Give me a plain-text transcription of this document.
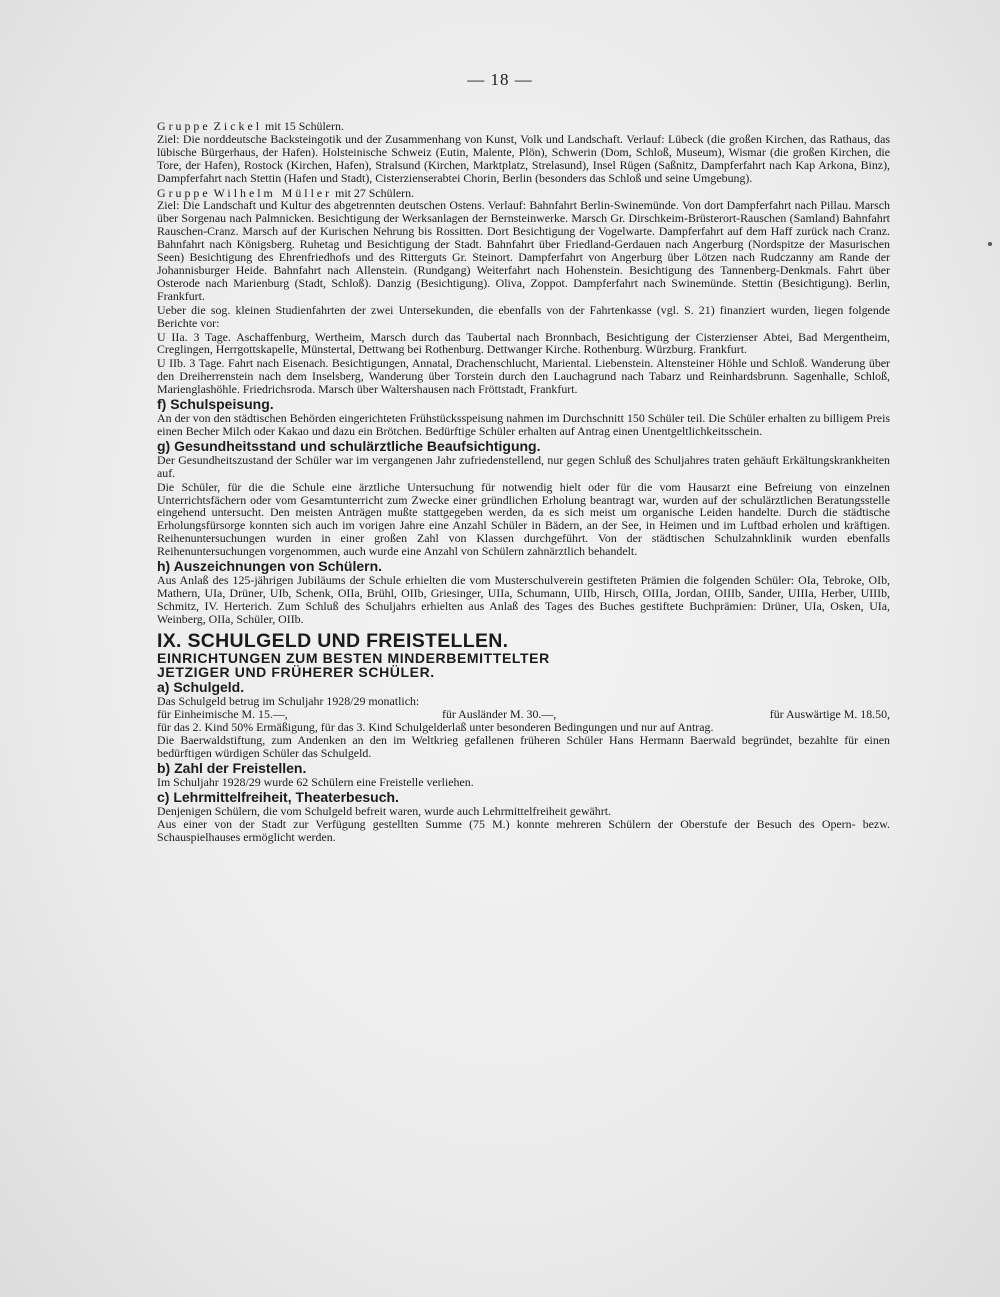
— 18 —

Gruppe Zickel mit 15 Schülern.

Ziel: Die norddeutsche Backsteingotik und der Zusammenhang von Kunst, Volk und Landschaft. Verlauf: Lübeck (die großen Kirchen, das Rathaus, das lübische Bürgerhaus, der Hafen). Holsteinische Schweiz (Eutin, Malente, Plön), Schwerin (Dom, Schloß, Museum), Wismar (die großen Kirchen, die Tore, der Hafen), Rostock (Kirchen, Hafen), Stralsund (Kirchen, Marktplatz, Strelasund), Insel Rügen (Saßnitz, Dampferfahrt nach Kap Arkona, Binz), Dampferfahrt nach Stettin (Hafen und Stadt), Cisterzienserabtei Chorin, Berlin (besonders das Schloß und seine Umgebung).

Gruppe Wilhelm Müller mit 27 Schülern.

Ziel: Die Landschaft und Kultur des abgetrennten deutschen Ostens. Verlauf: Bahnfahrt Berlin-Swinemünde. Von dort Dampferfahrt nach Pillau. Marsch über Sorgenau nach Palmnicken. Besichtigung der Werksanlagen der Bernsteinwerke. Marsch Gr. Dirschkeim-Brüsterort-Rauschen (Samland) Bahnfahrt Rauschen-Cranz. Marsch auf der Kurischen Nehrung bis Rossitten. Dort Besichtigung der Vogelwarte. Dampferfahrt auf dem Haff zurück nach Cranz. Bahnfahrt nach Königsberg. Ruhetag und Besichtigung der Stadt. Bahnfahrt über Friedland-Gerdauen nach Angerburg (Nordspitze der Masurischen Seen) Besichtigung des Ehrenfriedhofs und des Ritterguts Gr. Steinort. Dampferfahrt von Angerburg über Lötzen nach Rudczanny am Rande der Johannisburger Heide. Bahnfahrt nach Allenstein. (Rundgang) Weiterfahrt nach Hohenstein. Besichtigung des Tannenberg-Denkmals. Fahrt über Osterode nach Marienburg (Stadt, Schloß). Danzig (Besichtigung). Oliva, Zoppot. Dampferfahrt nach Swinemünde. Stettin (Besichtigung). Berlin, Frankfurt.

Ueber die sog. kleinen Studienfahrten der zwei Untersekunden, die ebenfalls von der Fahrtenkasse (vgl. S. 21) finanziert wurden, liegen folgende Berichte vor:

U IIa. 3 Tage. Aschaffenburg, Wertheim, Marsch durch das Taubertal nach Bronnbach, Besichtigung der Cisterzienser Abtei, Bad Mergentheim, Creglingen, Herrgottskapelle, Münstertal, Dettwang bei Rothenburg. Dettwanger Kirche. Rothenburg. Würzburg. Frankfurt.

U IIb. 3 Tage. Fahrt nach Eisenach. Besichtigungen, Annatal, Drachenschlucht, Mariental. Liebenstein. Altensteiner Höhle und Schloß. Wanderung über den Dreiherrenstein nach dem Inselsberg, Wanderung über Torstein durch den Lauchagrund nach Tabarz und Reinhardsbrunn. Sagenhalle, Schloß, Marienglashöhle. Friedrichsroda. Marsch über Waltershausen nach Fröttstadt, Frankfurt.

f) Schulspeisung.

An der von den städtischen Behörden eingerichteten Frühstücksspeisung nahmen im Durchschnitt 150 Schüler teil. Die Schüler erhalten zu billigem Preis einen Becher Milch oder Kakao und dazu ein Brötchen. Bedürftige Schüler erhalten auf Antrag einen Unentgeltlichkeitsschein.

g) Gesundheitsstand und schulärztliche Beaufsichtigung.

Der Gesundheitszustand der Schüler war im vergangenen Jahr zufriedenstellend, nur gegen Schluß des Schuljahres traten gehäuft Erkältungskrankheiten auf.

Die Schüler, für die die Schule eine ärztliche Untersuchung für notwendig hielt oder für die vom Hausarzt eine Befreiung von einzelnen Unterrichtsfächern oder vom Gesamtunterricht zum Zwecke einer gründlichen Erholung beantragt war, wurden auf der schulärztlichen Beratungsstelle eingehend untersucht. Den meisten Anträgen mußte stattgegeben werden, da es sich meist um organische Leiden handelte. Durch die städtische Erholungsfürsorge konnten sich auch im vorigen Jahre eine Anzahl Schüler in Bädern, an der See, in Heimen und im Luftbad erholen und kräftigen. Reihenuntersuchungen wurden in einer großen Zahl von Klassen durchgeführt. Von der städtischen Schulzahnklinik wurden ebenfalls Reihenuntersuchungen vorgenommen, auch wurde eine Anzahl von Schülern zahnärztlich behandelt.

h) Auszeichnungen von Schülern.

Aus Anlaß des 125-jährigen Jubiläums der Schule erhielten die vom Musterschulverein gestifteten Prämien die folgenden Schüler: OIa, Tebroke, OIb, Mathern, UIa, Drüner, UIb, Schenk, OIIa, Brühl, OIIb, Griesinger, UIIa, Schumann, UIIb, Hirsch, OIIIa, Jordan, OIIIb, Sander, UIIIa, Herber, UIIIb, Schmitz, IV. Herterich. Zum Schluß des Schuljahrs erhielten aus Anlaß des Tages des Buches gestiftete Buchprämien: Drüner, UIa, Osken, UIa, Weinberg, OIIa, Schüler, OIIb.

IX. SCHULGELD UND FREISTELLEN.
EINRICHTUNGEN ZUM BESTEN MINDERBEMITTELTER
JETZIGER UND FRÜHERER SCHÜLER.
a) Schulgeld.

Das Schulgeld betrug im Schuljahr 1928/29 monatlich:

für Einheimische M. 15.—,	für Ausländer M. 30.—,	für Auswärtige M. 18.50,

für das 2. Kind 50% Ermäßigung, für das 3. Kind Schulgelderlaß unter besonderen Bedingungen und nur auf Antrag.

Die Baerwaldstiftung, zum Andenken an den im Weltkrieg gefallenen früheren Schüler Hans Hermann Baerwald begründet, bezahlte für einen bedürftigen würdigen Schüler das Schulgeld.

b) Zahl der Freistellen.

Im Schuljahr 1928/29 wurde 62 Schülern eine Freistelle verliehen.

c) Lehrmittelfreiheit, Theaterbesuch.

Denjenigen Schülern, die vom Schulgeld befreit waren, wurde auch Lehrmittelfreiheit gewährt.

Aus einer von der Stadt zur Verfügung gestellten Summe (75 M.) konnte mehreren Schülern der Oberstufe der Besuch des Opern- bezw. Schauspielhauses ermöglicht werden.
